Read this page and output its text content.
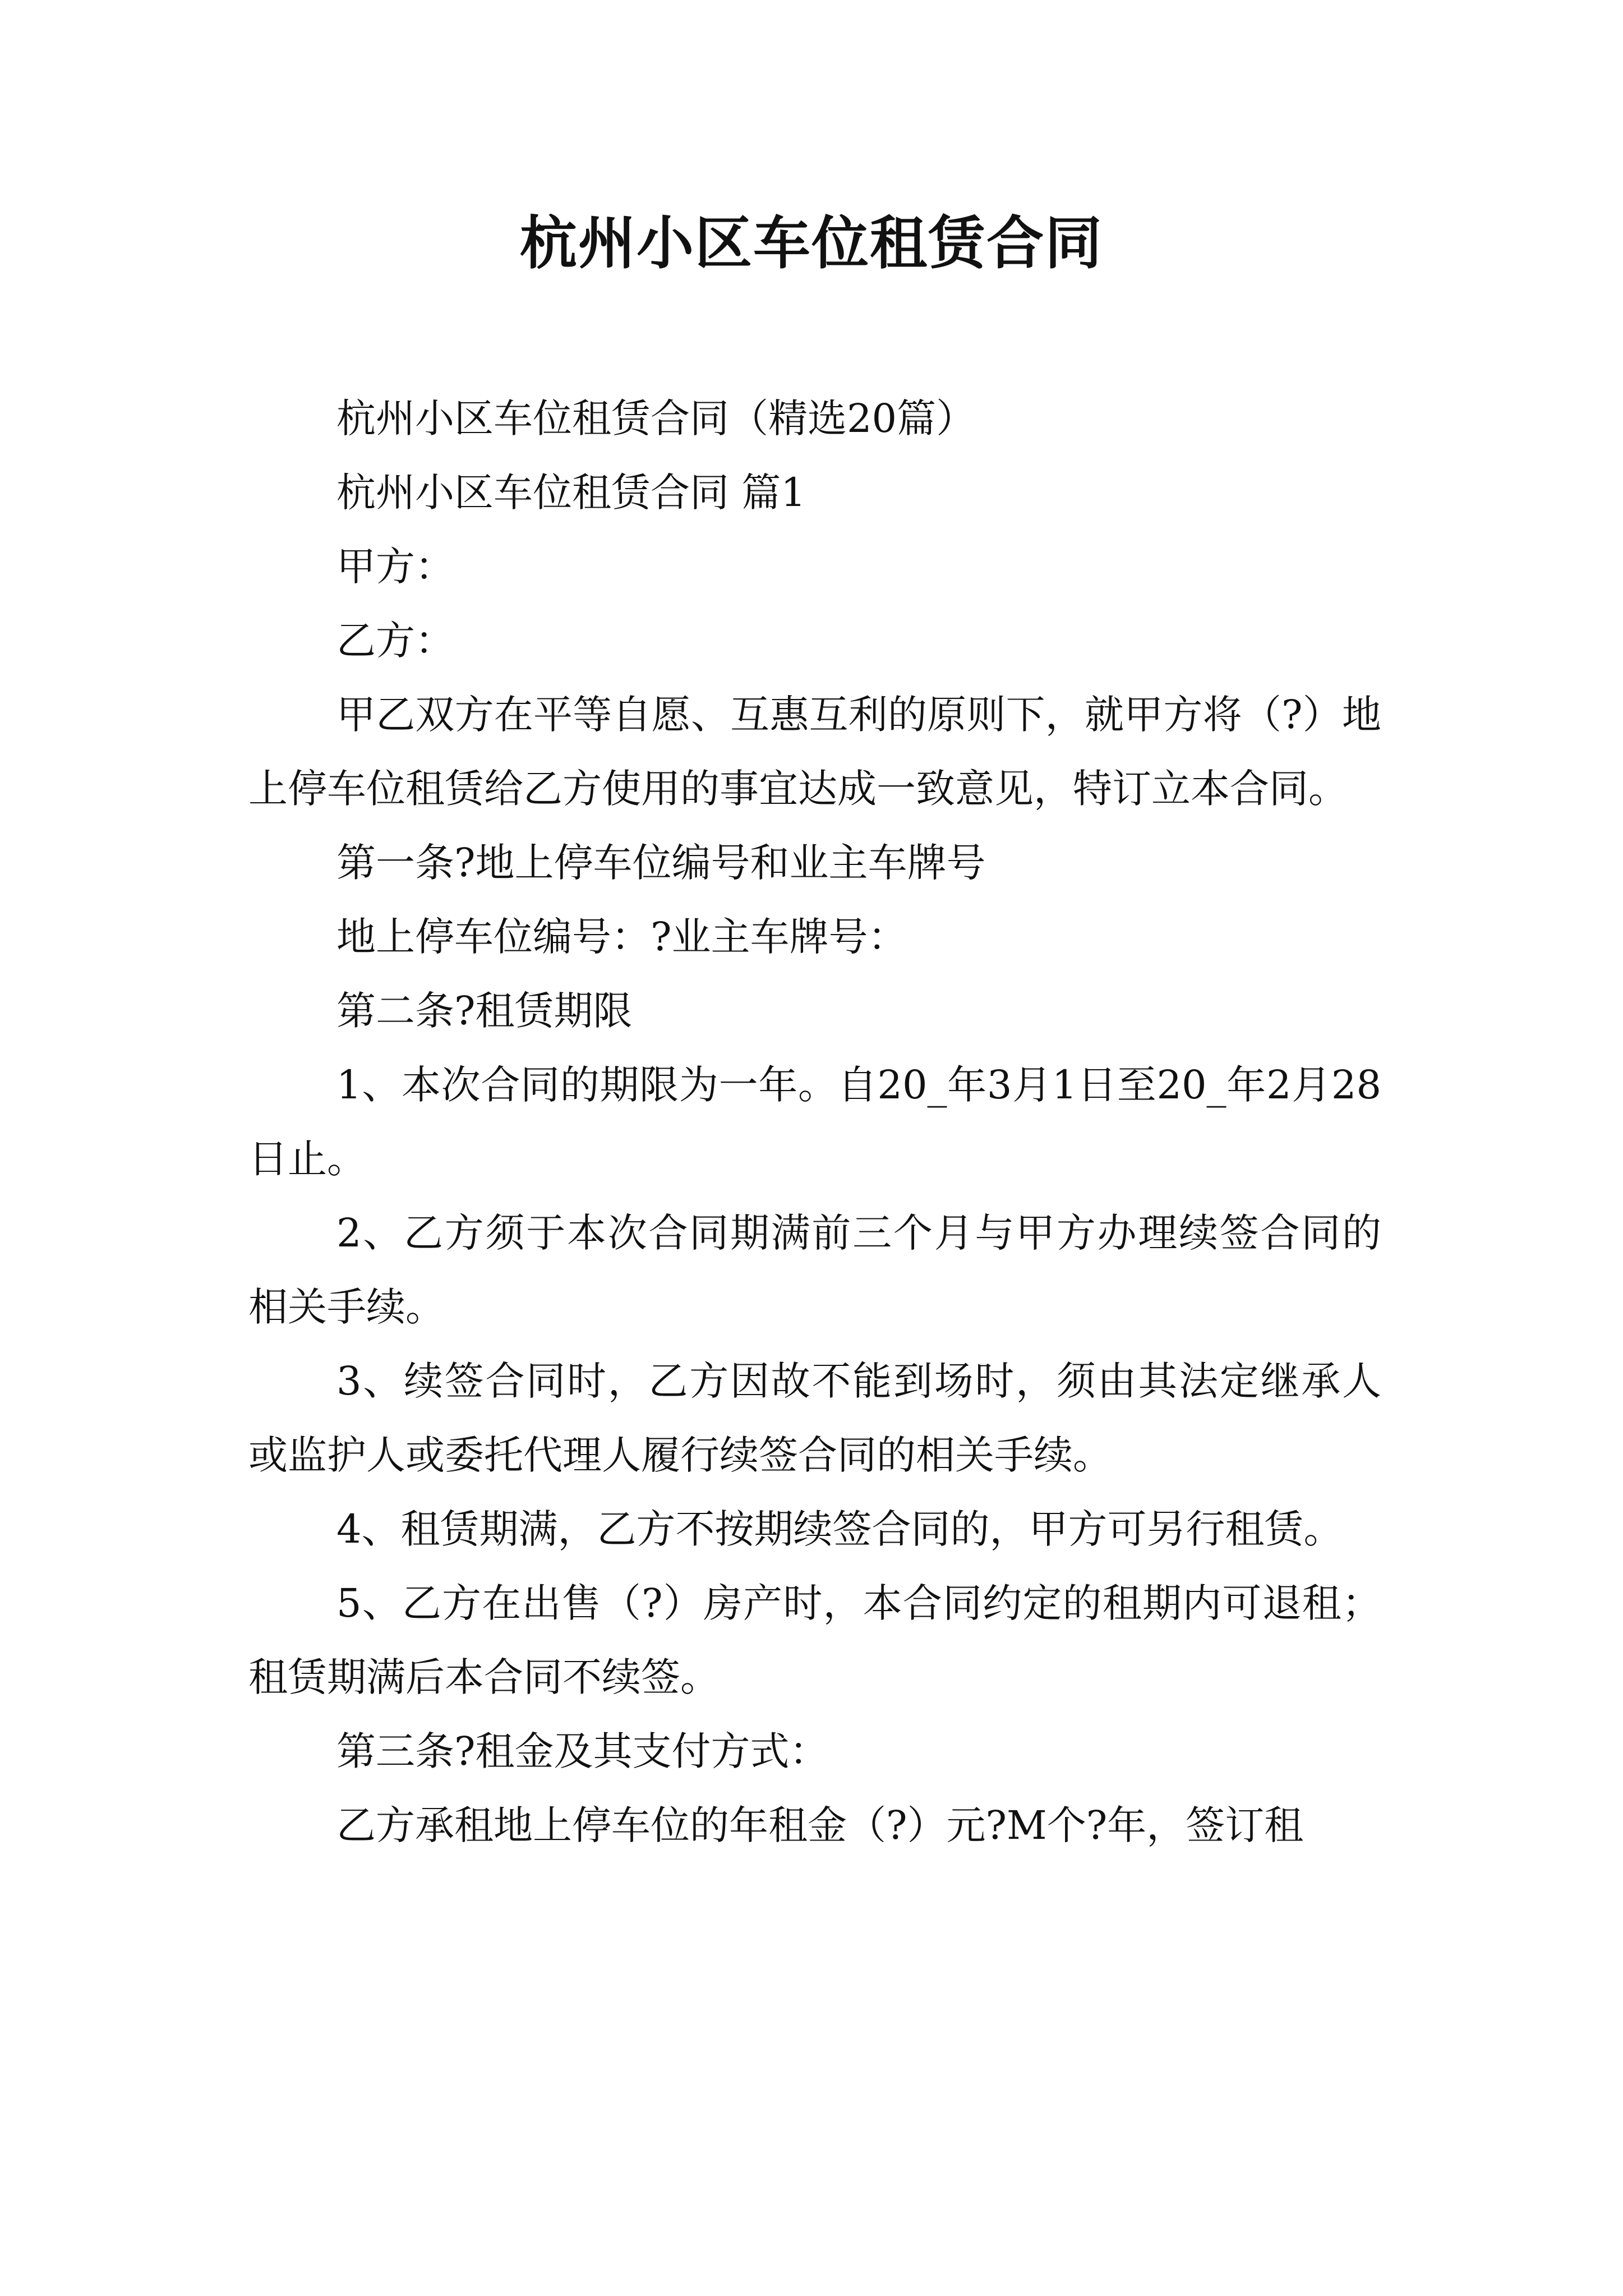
杭州小区车位租赁合同

杭州小区车位租赁合同（精选20篇）

杭州小区车位租赁合同 篇1

甲方：

乙方：

甲乙双方在平等自愿、互惠互利的原则下，就甲方将（?）地上停车位租赁给乙方使用的事宜达成一致意见，特订立本合同。

第一条?地上停车位编号和业主车牌号

地上停车位编号：?业主车牌号：

第二条?租赁期限

1、本次合同的期限为一年。自20_年3月1日至20_年2月28日止。

2、乙方须于本次合同期满前三个月与甲方办理续签合同的相关手续。

3、续签合同时，乙方因故不能到场时，须由其法定继承人或监护人或委托代理人履行续签合同的相关手续。

4、租赁期满，乙方不按期续签合同的，甲方可另行租赁。

5、乙方在出售（?）房产时，本合同约定的租期内可退租；租赁期满后本合同不续签。

第三条?租金及其支付方式：

乙方承租地上停车位的年租金（?）元?M个?年，签订租
